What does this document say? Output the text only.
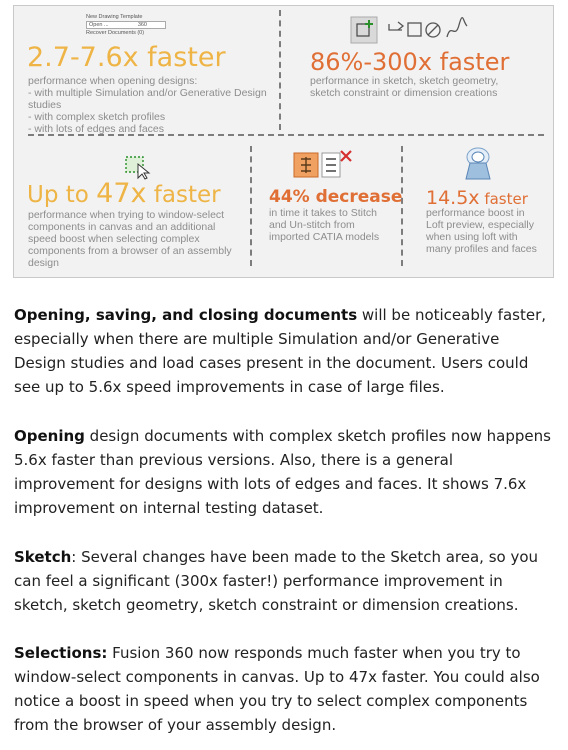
New Drawing Template
Open ...	360
Recover Documents (0)
2.7-7.6x faster
performance when opening designs:
- with multiple Simulation and/or Generative Design
studies
- with complex sketch profiles
- with lots of edges and faces
86%-300x faster
performance in sketch, sketch geometry,
sketch constraint or dimension creations
Up to 47x faster
performance when trying to window-select
components in canvas and an additional
speed boost when selecting complex
components from a browser of an assembly
design
44% decrease
in time it takes to Stitch
and Un-stitch from
imported CATIA models
14.5x faster
performance boost in
Loft preview, especially
when using loft with
many profiles and faces

Opening, saving, and closing documents will be noticeably faster, especially when there are multiple Simulation and/or Generative Design studies and load cases present in the document. Users could see up to 5.6x speed improvements in case of large files.

Opening design documents with complex sketch profiles now happens 5.6x faster than previous versions. Also, there is a general improvement for designs with lots of edges and faces. It shows 7.6x improvement on internal testing dataset.

Sketch: Several changes have been made to the Sketch area, so you can feel a significant (300x faster!) performance improvement in sketch, sketch geometry, sketch constraint or dimension creations.

Selections: Fusion 360 now responds much faster when you try to window-select components in canvas. Up to 47x faster. You could also notice a boost in speed when you try to select complex components from the browser of your assembly design.
